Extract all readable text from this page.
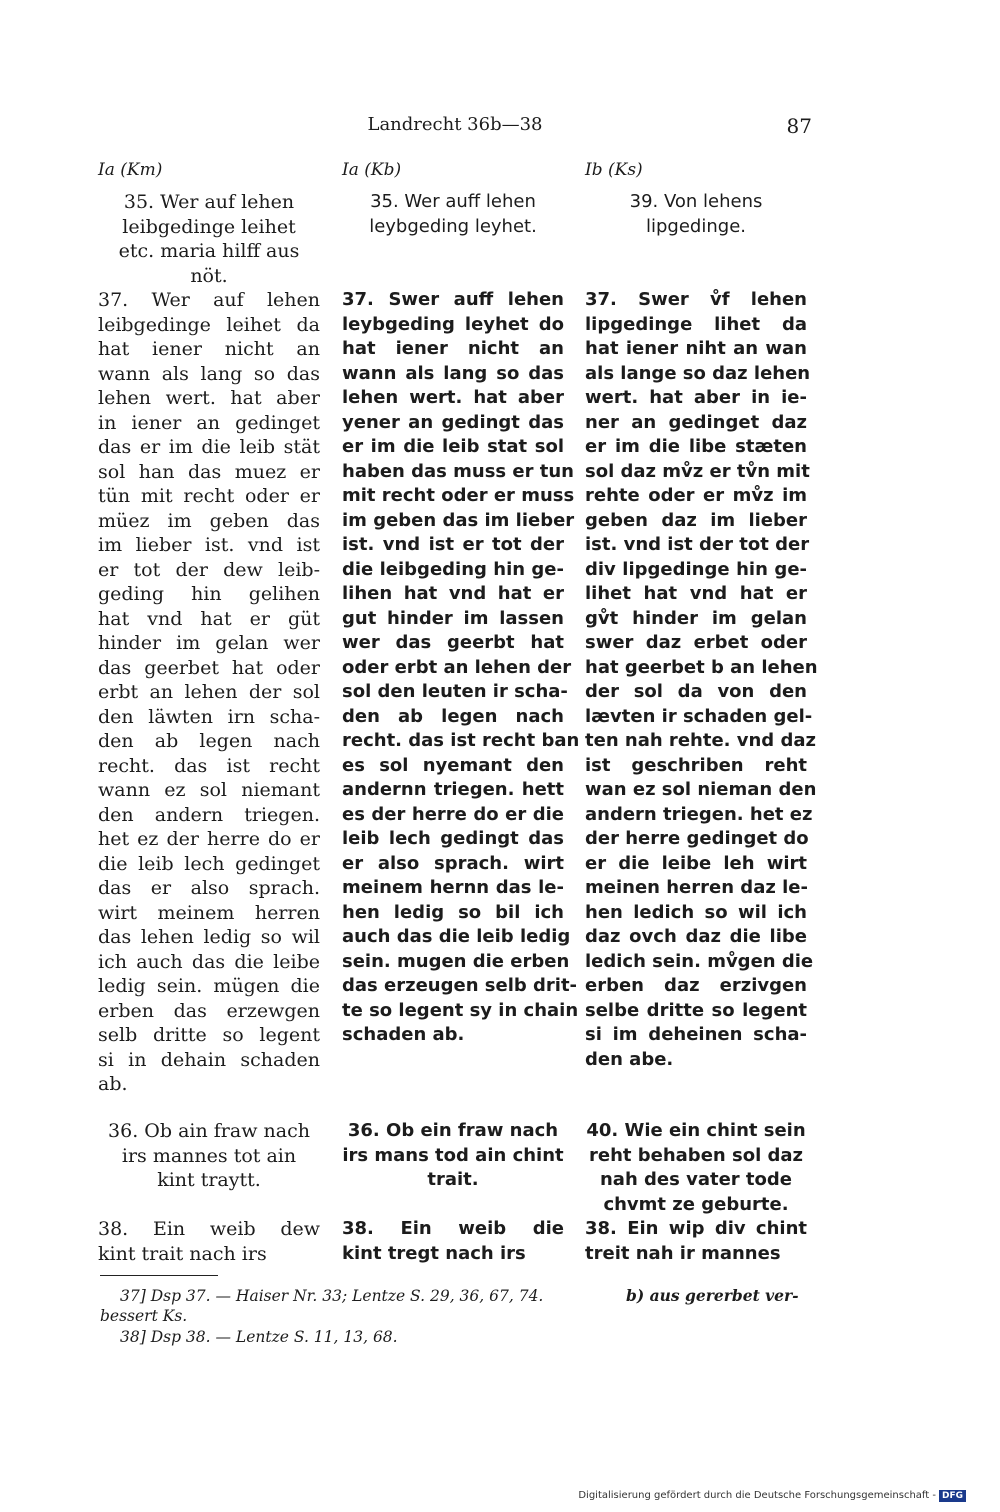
Landrecht 36b—38	87
Ia (Km)	Ia (Kb)	Ib (Ks)
35. Wer auf lehen
leibgedinge leihet
etc. maria hilff aus
nöt.
37. Wer auf lehen
leibgedinge leihet da
hat iener nicht an
wann als lang so das
lehen wert. hat aber
in iener an gedinget
das er im die leib stät
sol han das muez er
tün mit recht oder er
müez im geben das
im lieber ist. vnd ist
er tot der dew leib-
geding hin gelihen
hat vnd hat er güt
hinder im gelan wer
das geerbet hat oder
erbt an lehen der sol
den läwten irn scha-
den ab legen nach
recht. das ist recht
wann ez sol niemant
den andern triegen.
het ez der herre do er
die leib lech gedinget
das er also sprach.
wirt meinem herren
das lehen ledig so wil
ich auch das die leibe
ledig sein. mügen die
erben das erzewgen
selb dritte so legent
si in dehain schaden
ab.
36. Ob ain fraw nach
irs mannes tot ain
kint traytt.
38. Ein weib dew
kint trait nach irs
35. Wer auff lehen
leybgeding leyhet.
37. Swer auff lehen
leybgeding leyhet do
hat iener nicht an
wann als lang so das
lehen wert. hat aber
yener an gedingt das
er im die leib stat sol
haben das muss er tun
mit recht oder er muss
im geben das im lieber
ist. vnd ist er tot der
die leibgeding hin ge-
lihen hat vnd hat er
gut hinder im lassen
wer das geerbt hat
oder erbt an lehen der
sol den leuten ir scha-
den ab legen nach
recht. das ist recht ban
es sol nyemant den
andernn triegen. hett
es der herre do er die
leib lech gedingt das
er also sprach. wirt
meinem hernn das le-
hen ledig so bil ich
auch das die leib ledig
sein. mugen die erben
das erzeugen selb drit-
te so legent sy in chain
schaden ab.
36. Ob ein fraw nach
irs mans tod ain chint
trait.
38. Ein weib die
kint tregt nach irs
39. Von lehens
lipgedinge.
37. Swer v̊f lehen
lipgedinge lihet da
hat iener niht an wan
als lange so daz lehen
wert. hat aber in ie-
ner an gedinget daz
er im die libe stæten
sol daz mv̊z er tv̊n mit
rehte oder er mv̊z im
geben daz im lieber
ist. vnd ist der tot der
div lipgedinge hin ge-
lihet hat vnd hat er
gv̊t hinder im gelan
swer daz erbet oder
hat geerbet b an lehen
der sol da von den
lævten ir schaden gel-
ten nah rehte. vnd daz
ist geschriben reht
wan ez sol nieman den
andern triegen. het ez
der herre gedinget do
er die leibe leh wirt
meinen herren daz le-
hen ledich so wil ich
daz ovch daz die libe
ledich sein. mv̊gen die
erben daz erzivgen
selbe dritte so legent
si im deheinen scha-
den abe.
40. Wie ein chint sein
reht behaben sol daz
nah des vater tode
chvmt ze geburte.
38. Ein wip div chint
treit nah ir mannes
37] Dsp 37. — Haiser Nr. 33; Lentze S. 29, 36, 67, 74.	b) aus gererbet ver-
bessert Ks.
38] Dsp 38. — Lentze S. 11, 13, 68.
Digitalisierung gefördert durch die Deutsche Forschungsgemeinschaft - DFG
